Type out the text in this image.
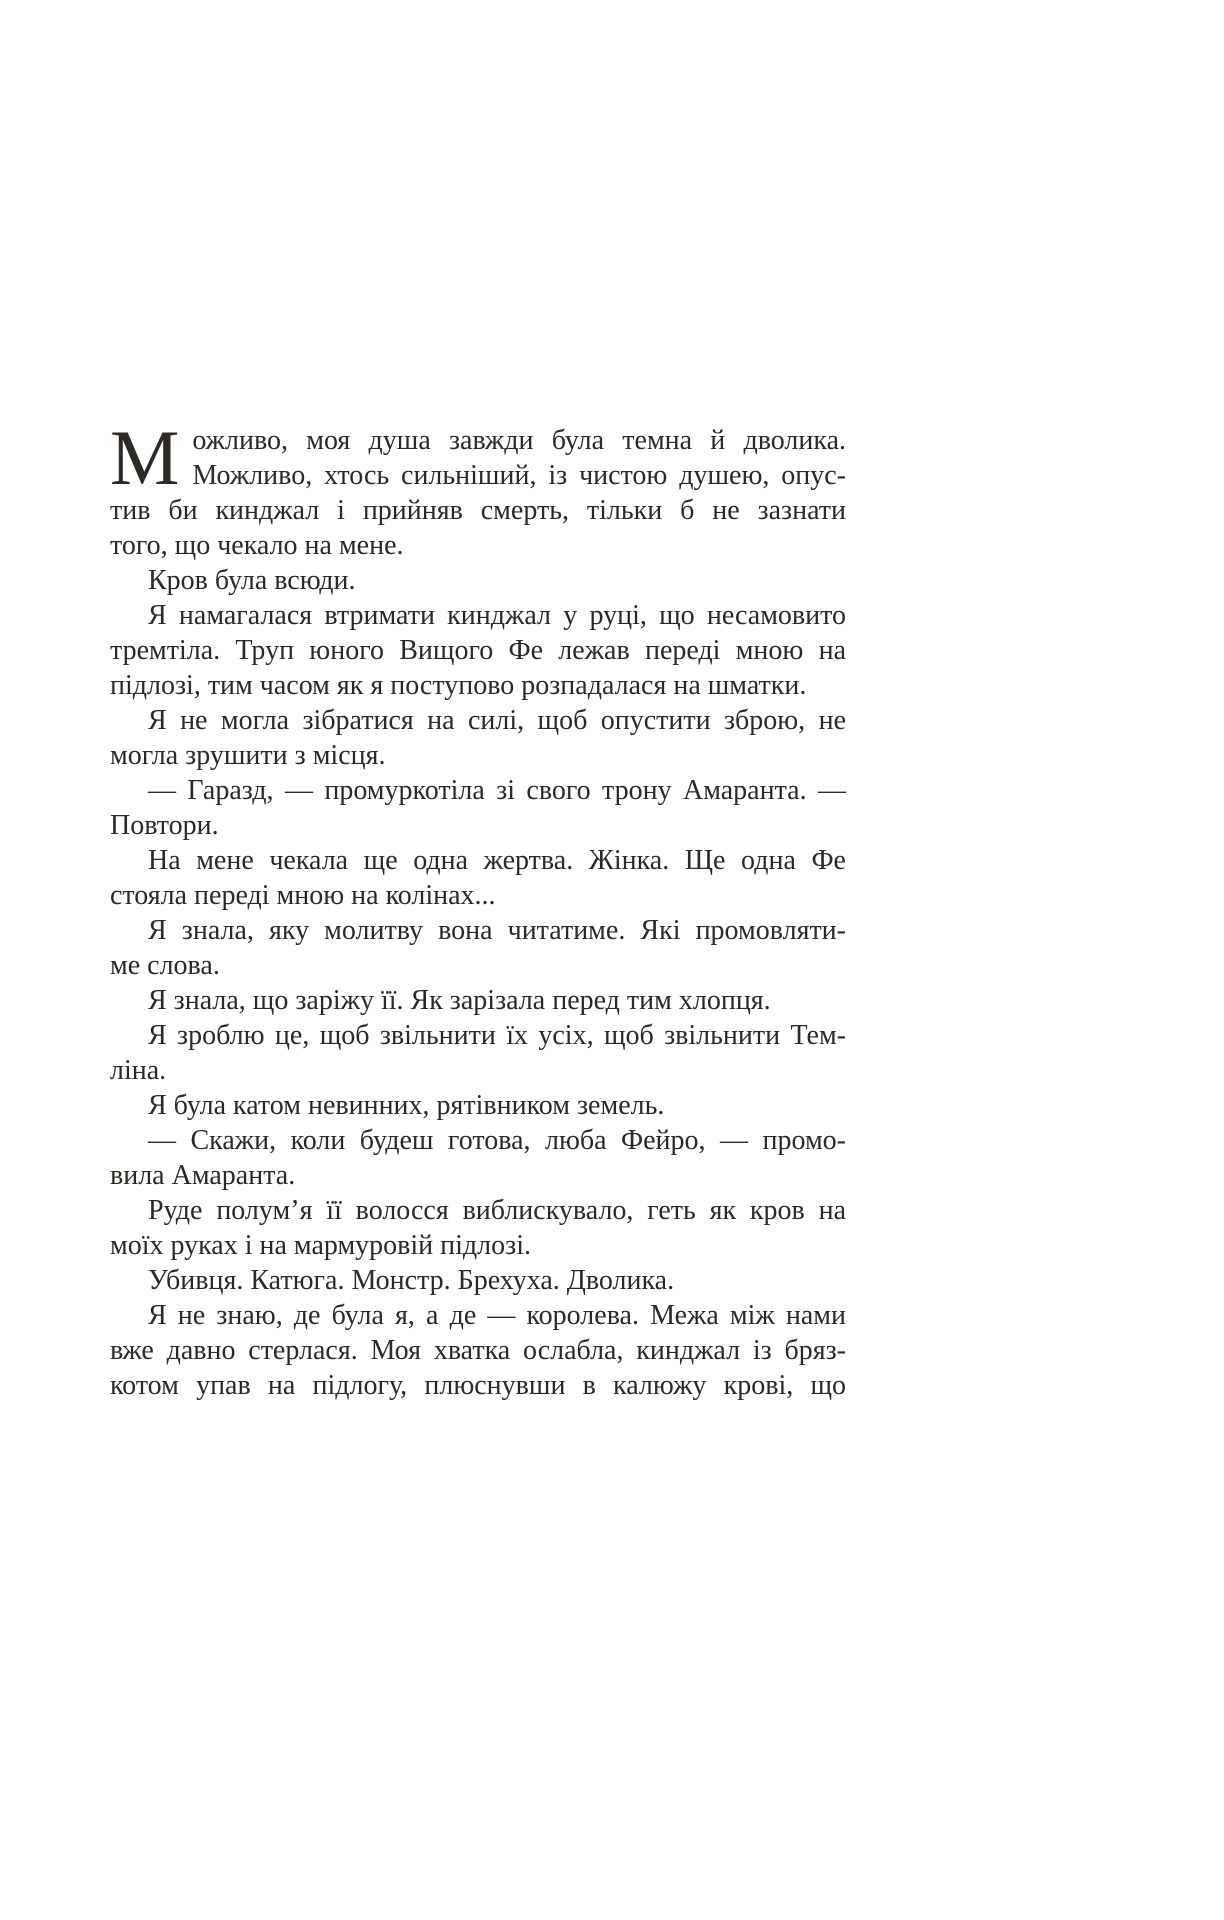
Можливо, моя душа завжди була темна й дволика.
Можливо, хтось сильніший, із чистою душею, опус-
тив би кинджал і прийняв смерть, тільки б не зазнати
того, що чекало на мене.
Кров була всюди.
Я намагалася втримати кинджал у руці, що несамовито
тремтіла. Труп юного Вищого Фе лежав переді мною на
підлозі, тим часом як я поступово розпадалася на шматки.
Я не могла зібратися на силі, щоб опустити зброю, не
могла зрушити з місця.
— Гаразд, — промуркотіла зі свого трону Амаранта. —
Повтори.
На мене чекала ще одна жертва. Жінка. Ще одна Фе
стояла переді мною на колінах...
Я знала, яку молитву вона читатиме. Які промовляти-
ме слова.
Я знала, що заріжу її. Як зарізала перед тим хлопця.
Я зроблю це, щоб звільнити їх усіх, щоб звільнити Тем-
ліна.
Я була катом невинних, рятівником земель.
— Скажи, коли будеш готова, люба Фейро, — промо-
вила Амаранта.
Руде полум’я її волосся виблискувало, геть як кров на
моїх руках і на мармуровій підлозі.
Убивця. Катюга. Монстр. Брехуха. Дволика.
Я не знаю, де була я, а де — королева. Межа між нами
вже давно стерлася. Моя хватка ослабла, кинджал із бряз-
котом упав на підлогу, плюснувши в калюжу крові, що
